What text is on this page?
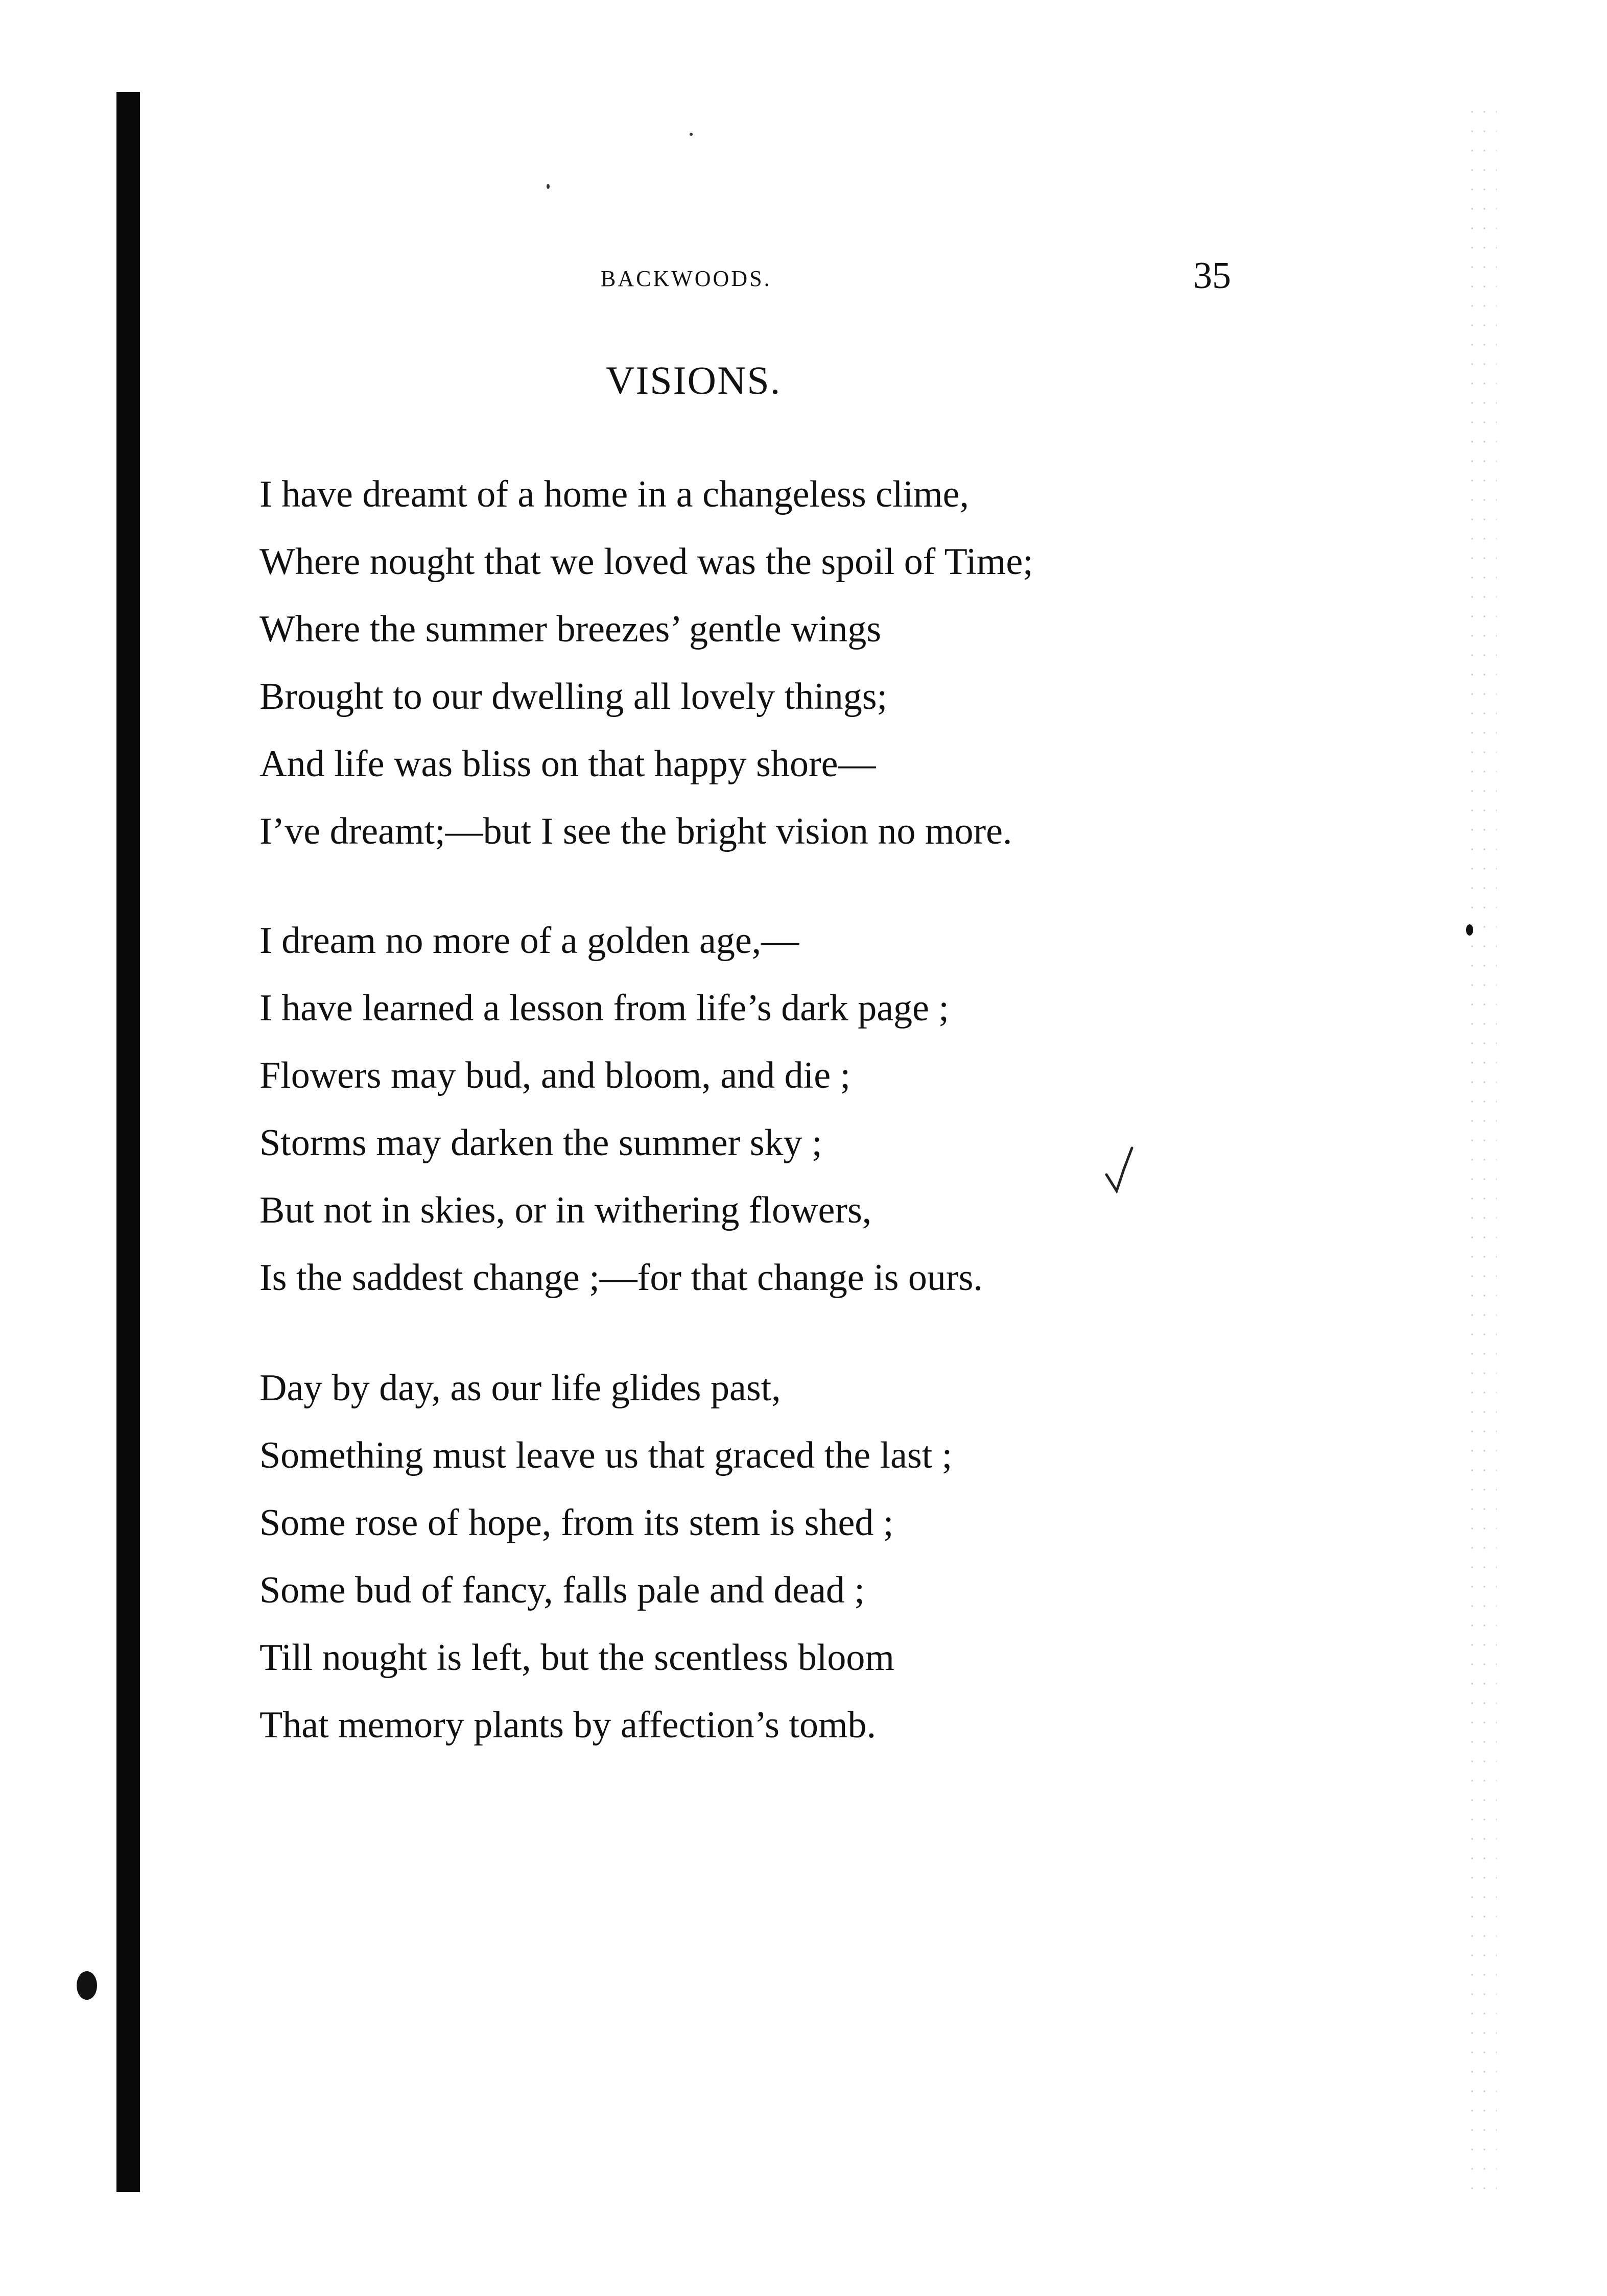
BACKWOODS.	35
VISIONS.
I have dreamt of a home in a changeless clime,
Where nought that we loved was the spoil of Time;
Where the summer breezes’ gentle wings
Brought to our dwelling all lovely things;
And life was bliss on that happy shore—
I’ve dreamt;—but I see the bright vision no more.
I dream no more of a golden age,—
I have learned a lesson from life’s dark page ;
Flowers may bud, and bloom, and die ;
Storms may darken the summer sky ;
But not in skies, or in withering flowers,
Is the saddest change ;—for that change is ours.
Day by day, as our life glides past,
Something must leave us that graced the last ;
Some rose of hope, from its stem is shed ;
Some bud of fancy, falls pale and dead ;
Till nought is left, but the scentless bloom
That memory plants by affection’s tomb.
